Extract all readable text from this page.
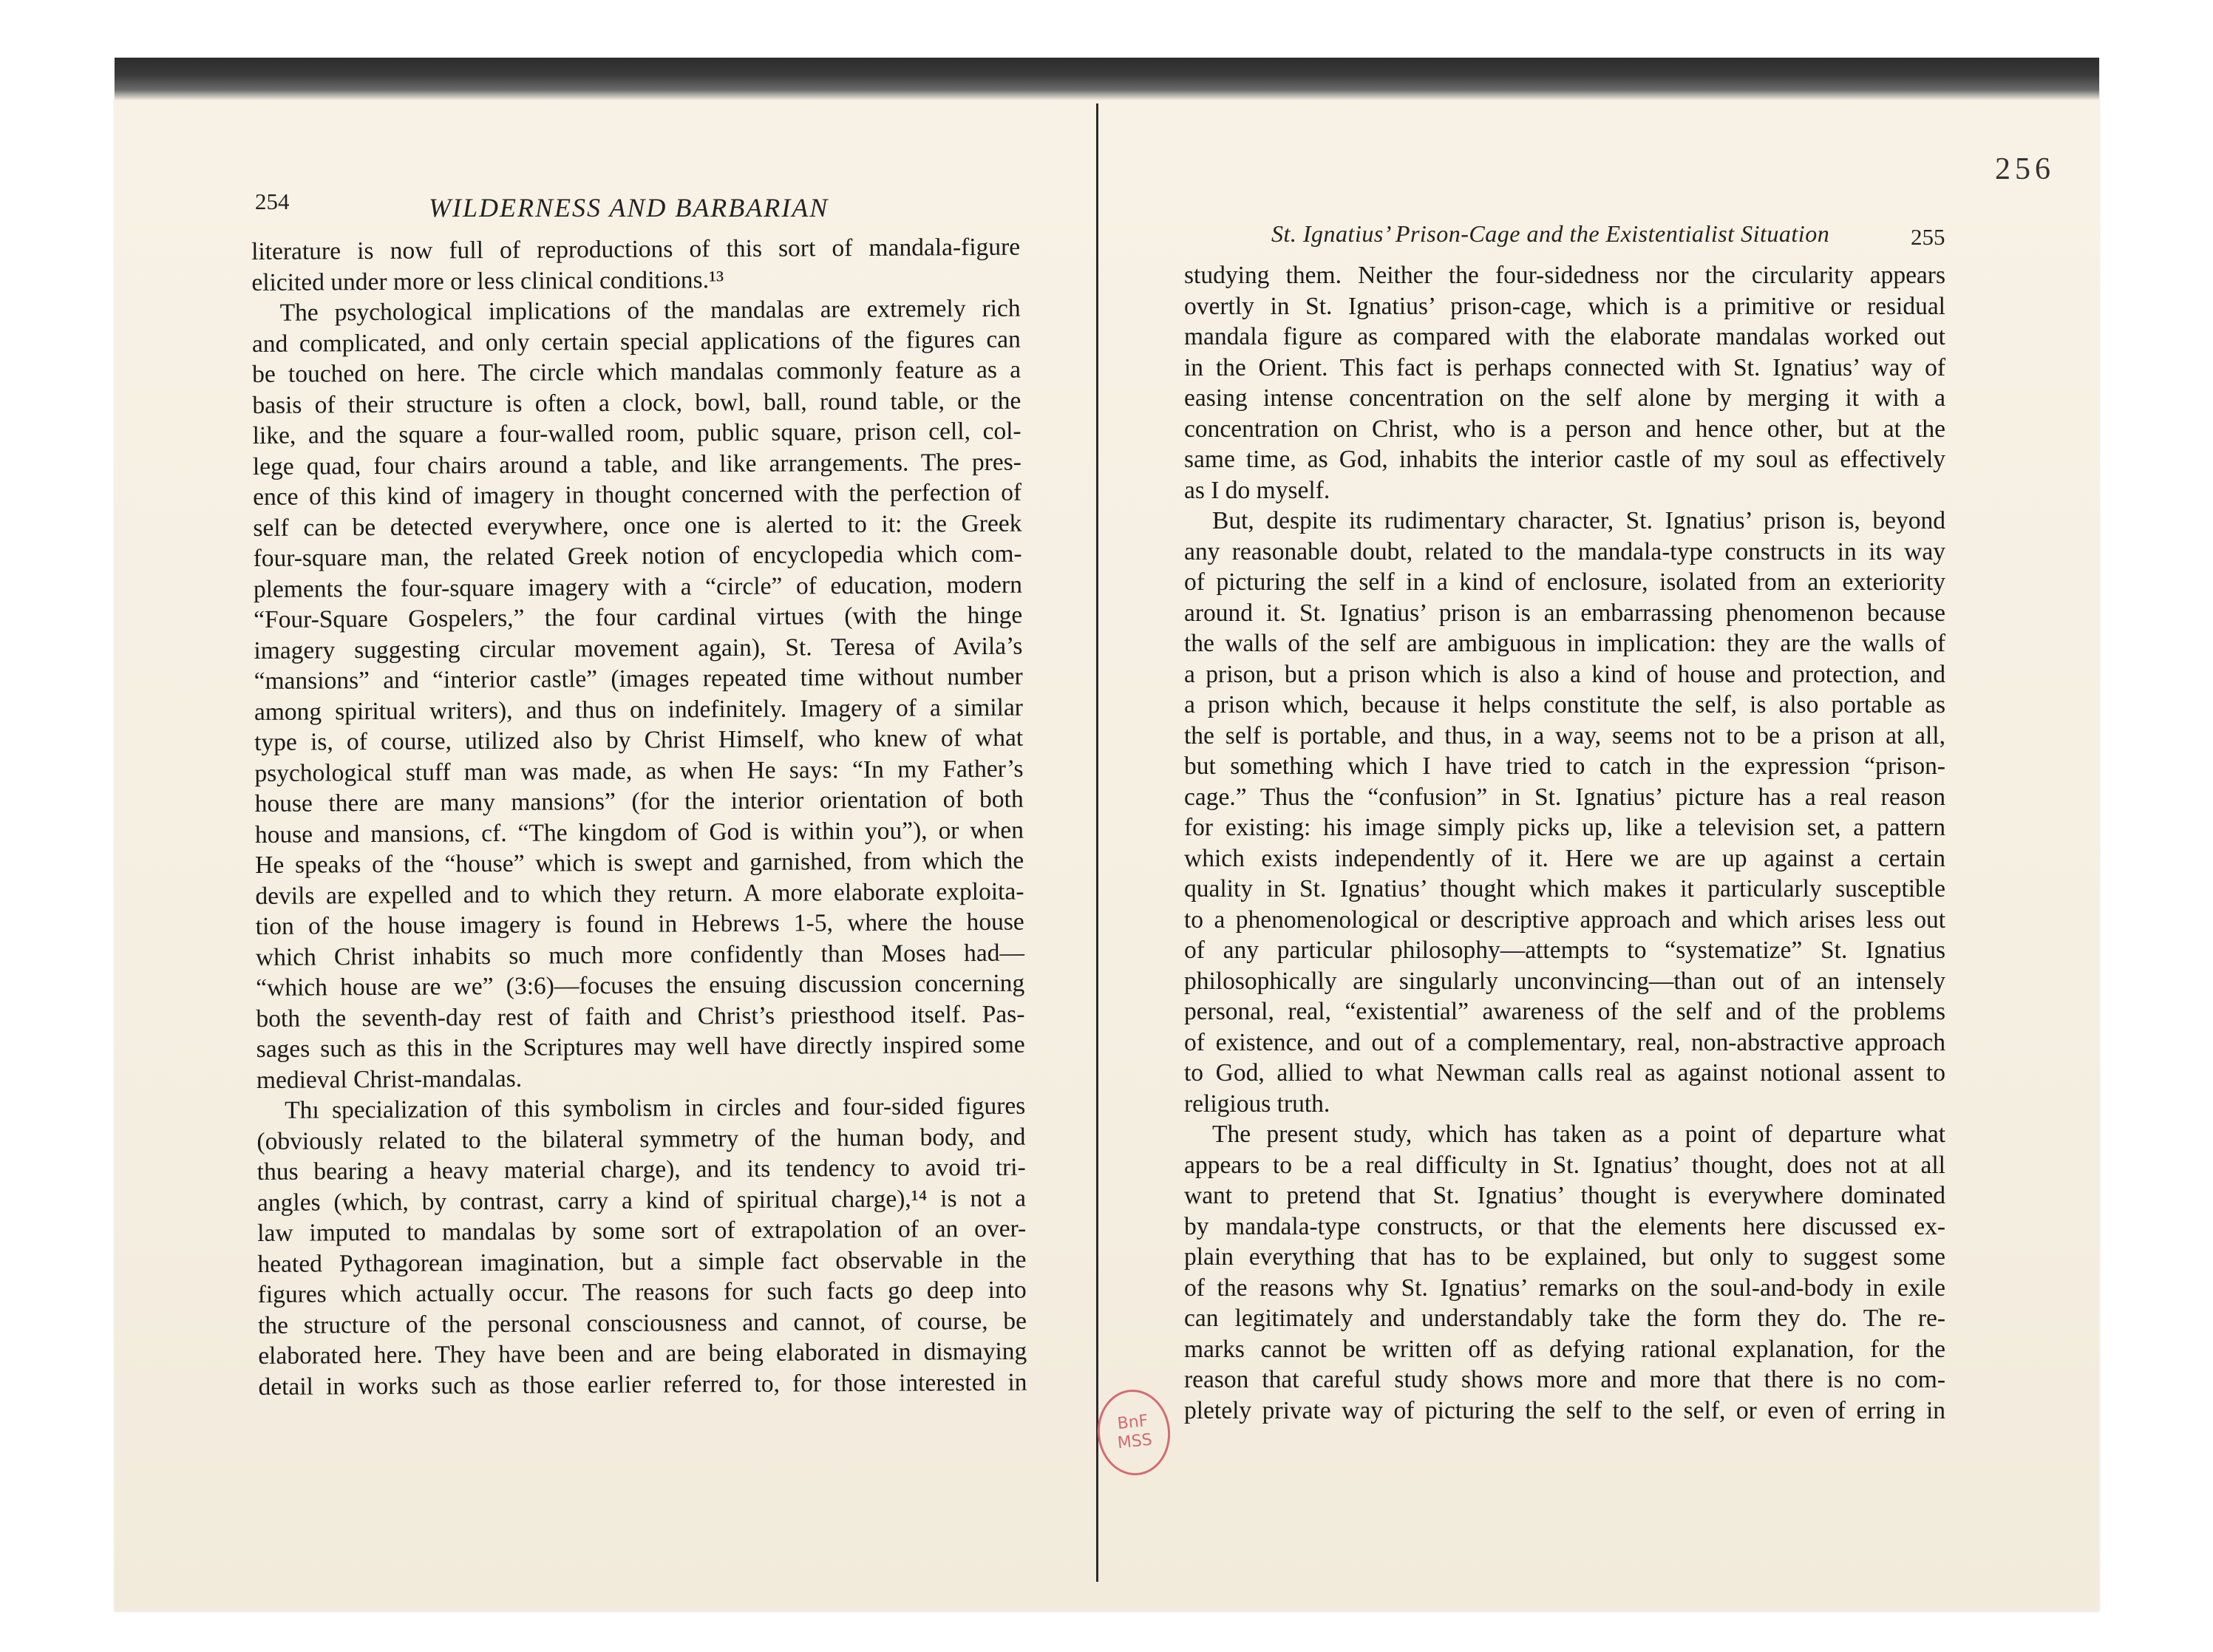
256
254	WILDERNESS AND BARBARIAN
St. Ignatius’ Prison-Cage and the Existentialist Situation	255
literature is now full of reproductions of this sort of mandala-figure
elicited under more or less clinical conditions.¹³
The psychological implications of the mandalas are extremely rich
and complicated, and only certain special applications of the figures can
be touched on here. The circle which mandalas commonly feature as a
basis of their structure is often a clock, bowl, ball, round table, or the
like, and the square a four-walled room, public square, prison cell, col-
lege quad, four chairs around a table, and like arrangements. The pres-
ence of this kind of imagery in thought concerned with the perfection of
self can be detected everywhere, once one is alerted to it: the Greek
four-square man, the related Greek notion of encyclopedia which com-
plements the four-square imagery with a “circle” of education, modern
“Four-Square Gospelers,” the four cardinal virtues (with the hinge
imagery suggesting circular movement again), St. Teresa of Avila’s
“mansions” and “interior castle” (images repeated time without number
among spiritual writers), and thus on indefinitely. Imagery of a similar
type is, of course, utilized also by Christ Himself, who knew of what
psychological stuff man was made, as when He says: “In my Father’s
house there are many mansions” (for the interior orientation of both
house and mansions, cf. “The kingdom of God is within you”), or when
He speaks of the “house” which is swept and garnished, from which the
devils are expelled and to which they return. A more elaborate exploita-
tion of the house imagery is found in Hebrews 1-5, where the house
which Christ inhabits so much more confidently than Moses had—
“which house are we” (3:6)—focuses the ensuing discussion concerning
both the seventh-day rest of faith and Christ’s priesthood itself. Pas-
sages such as this in the Scriptures may well have directly inspired some
medieval Christ-mandalas.
Thı specialization of this symbolism in circles and four-sided figures
(obviously related to the bilateral symmetry of the human body, and
thus bearing a heavy material charge), and its tendency to avoid tri-
angles (which, by contrast, carry a kind of spiritual charge),¹⁴ is not a
law imputed to mandalas by some sort of extrapolation of an over-
heated Pythagorean imagination, but a simple fact observable in the
figures which actually occur. The reasons for such facts go deep into
the structure of the personal consciousness and cannot, of course, be
elaborated here. They have been and are being elaborated in dismaying
detail in works such as those earlier referred to, for those interested in
studying them. Neither the four-sidedness nor the circularity appears
overtly in St. Ignatius’ prison-cage, which is a primitive or residual
mandala figure as compared with the elaborate mandalas worked out
in the Orient. This fact is perhaps connected with St. Ignatius’ way of
easing intense concentration on the self alone by merging it with a
concentration on Christ, who is a person and hence other, but at the
same time, as God, inhabits the interior castle of my soul as effectively
as I do myself.
But, despite its rudimentary character, St. Ignatius’ prison is, beyond
any reasonable doubt, related to the mandala-type constructs in its way
of picturing the self in a kind of enclosure, isolated from an exteriority
around it. St. Ignatius’ prison is an embarrassing phenomenon because
the walls of the self are ambiguous in implication: they are the walls of
a prison, but a prison which is also a kind of house and protection, and
a prison which, because it helps constitute the self, is also portable as
the self is portable, and thus, in a way, seems not to be a prison at all,
but something which I have tried to catch in the expression “prison-
cage.” Thus the “confusion” in St. Ignatius’ picture has a real reason
for existing: his image simply picks up, like a television set, a pattern
which exists independently of it. Here we are up against a certain
quality in St. Ignatius’ thought which makes it particularly susceptible
to a phenomenological or descriptive approach and which arises less out
of any particular philosophy—attempts to “systematize” St. Ignatius
philosophically are singularly unconvincing—than out of an intensely
personal, real, “existential” awareness of the self and of the problems
of existence, and out of a complementary, real, non-abstractive approach
to God, allied to what Newman calls real as against notional assent to
religious truth.
The present study, which has taken as a point of departure what
appears to be a real difficulty in St. Ignatius’ thought, does not at all
want to pretend that St. Ignatius’ thought is everywhere dominated
by mandala-type constructs, or that the elements here discussed ex-
plain everything that has to be explained, but only to suggest some
of the reasons why St. Ignatius’ remarks on the soul-and-body in exile
can legitimately and understandably take the form they do. The re-
marks cannot be written off as defying rational explanation, for the
reason that careful study shows more and more that there is no com-
pletely private way of picturing the self to the self, or even of erring in
BnF MSS
